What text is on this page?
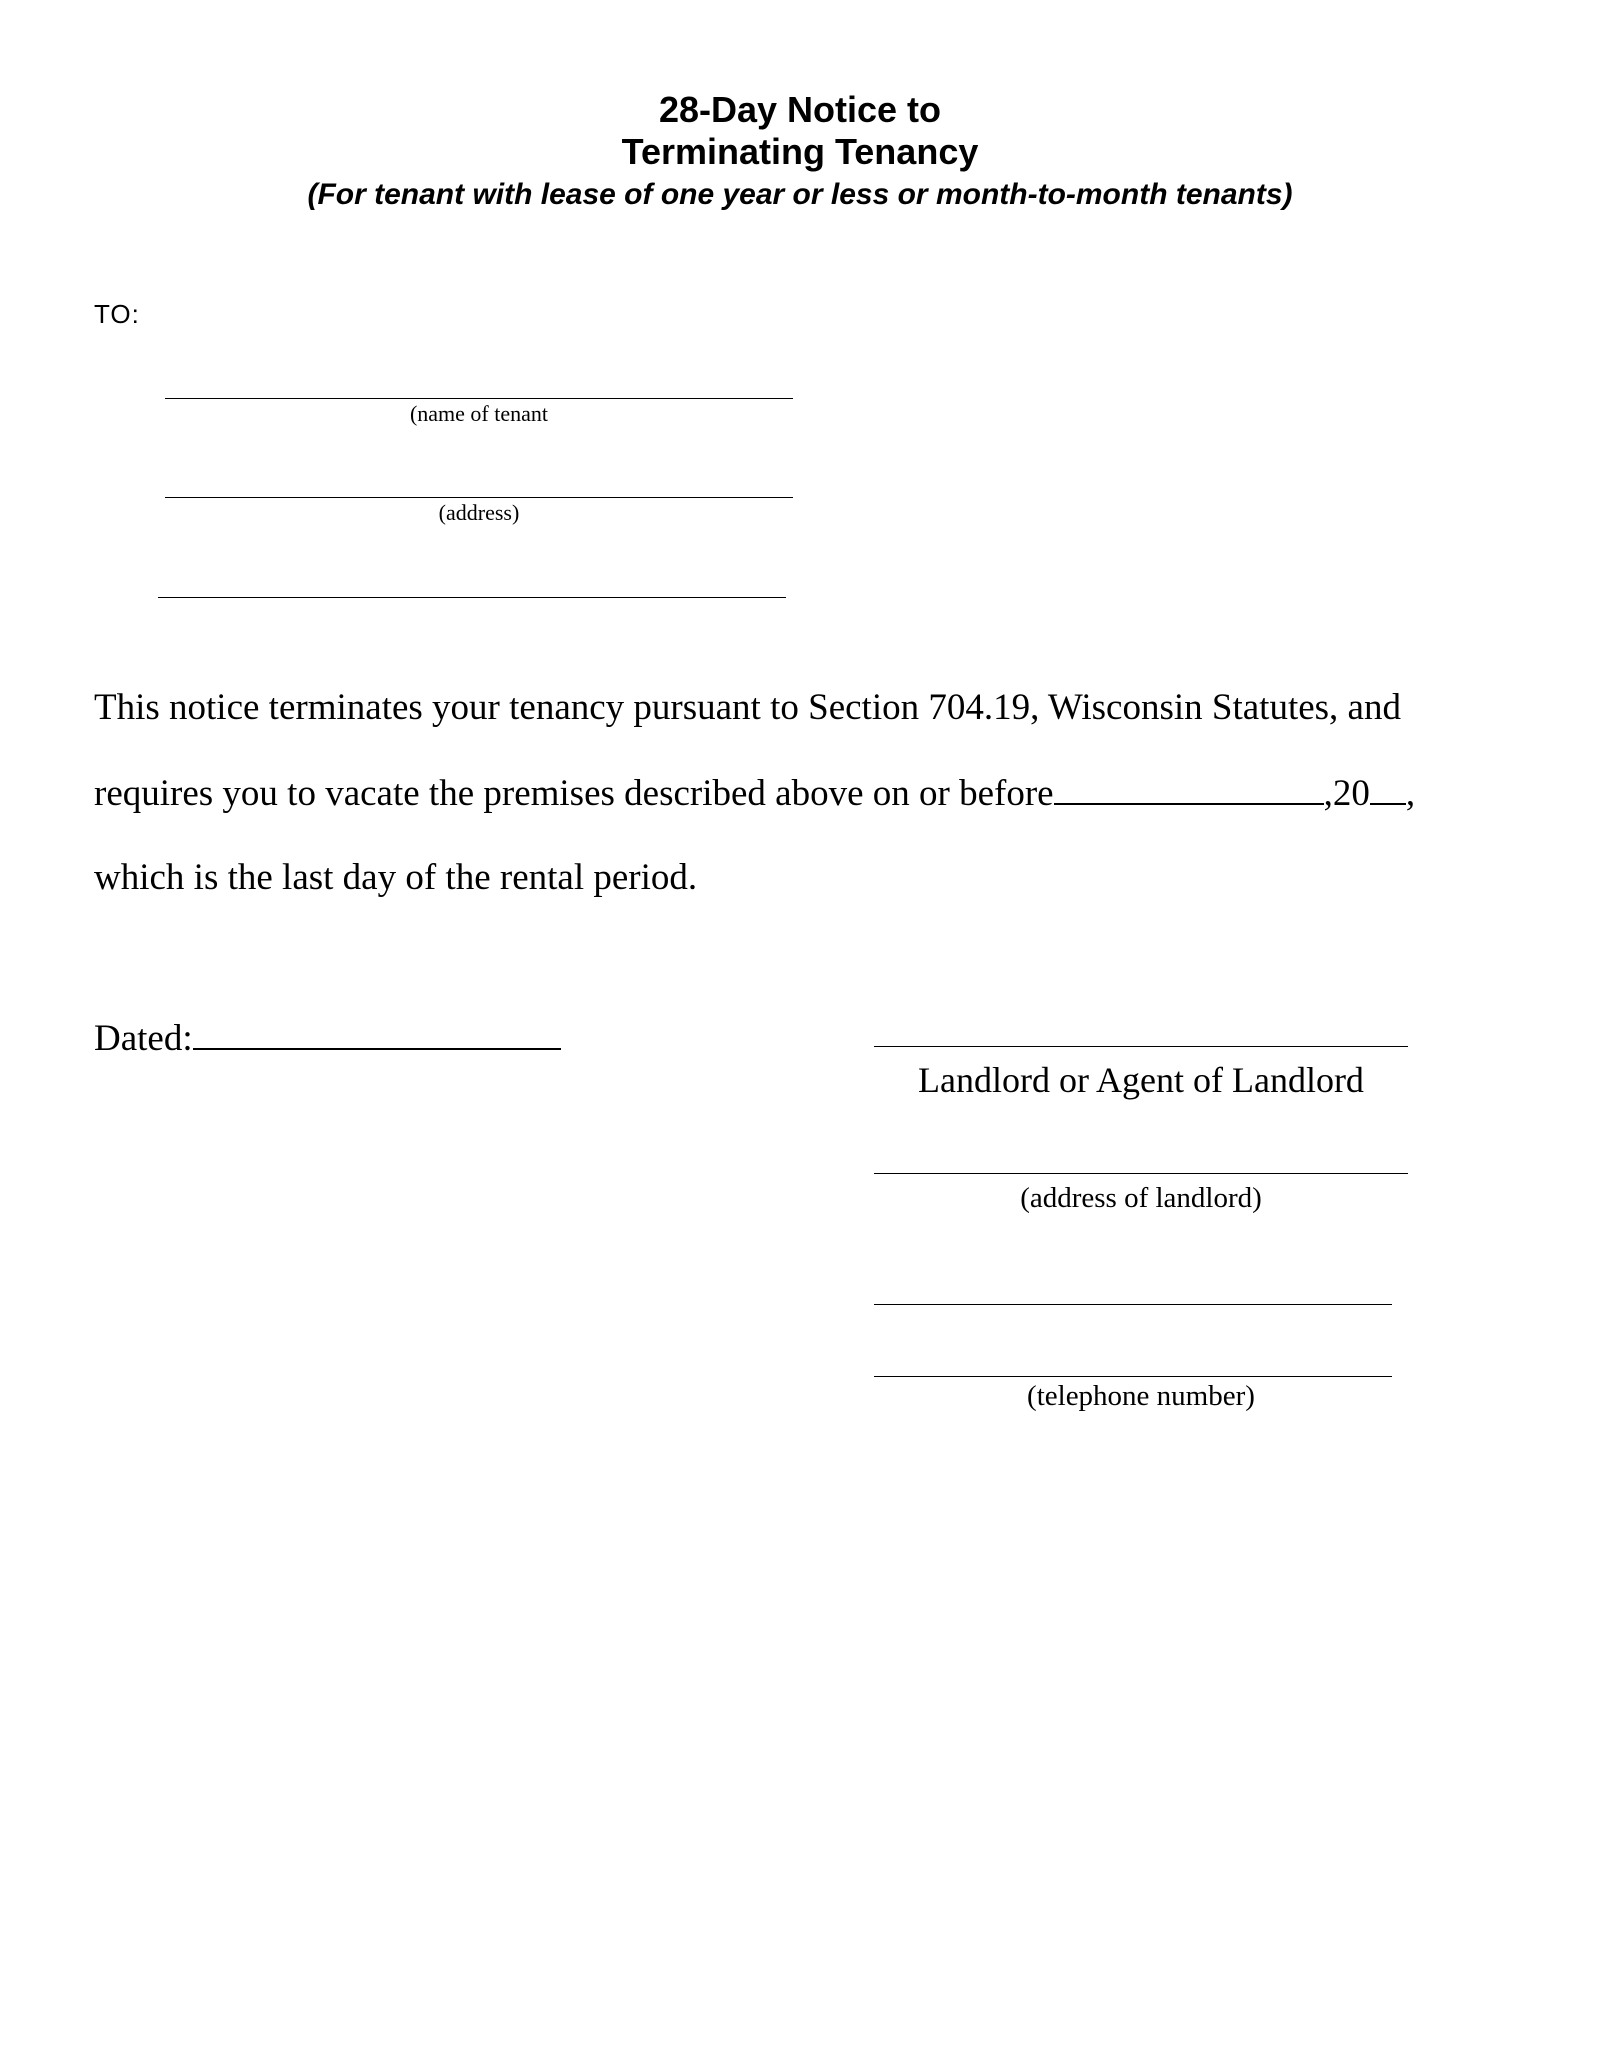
28-Day Notice to
Terminating Tenancy
(For tenant with lease of one year or less or month-to-month tenants)
TO:
(name of tenant
(address)
This notice terminates your tenancy pursuant to Section 704.19, Wisconsin Statutes, and
requires you to vacate the premises described above on or before	,20 ,
which is the last day of the rental period.
Dated:
Landlord or Agent of Landlord
(address of landlord)
(telephone number)
